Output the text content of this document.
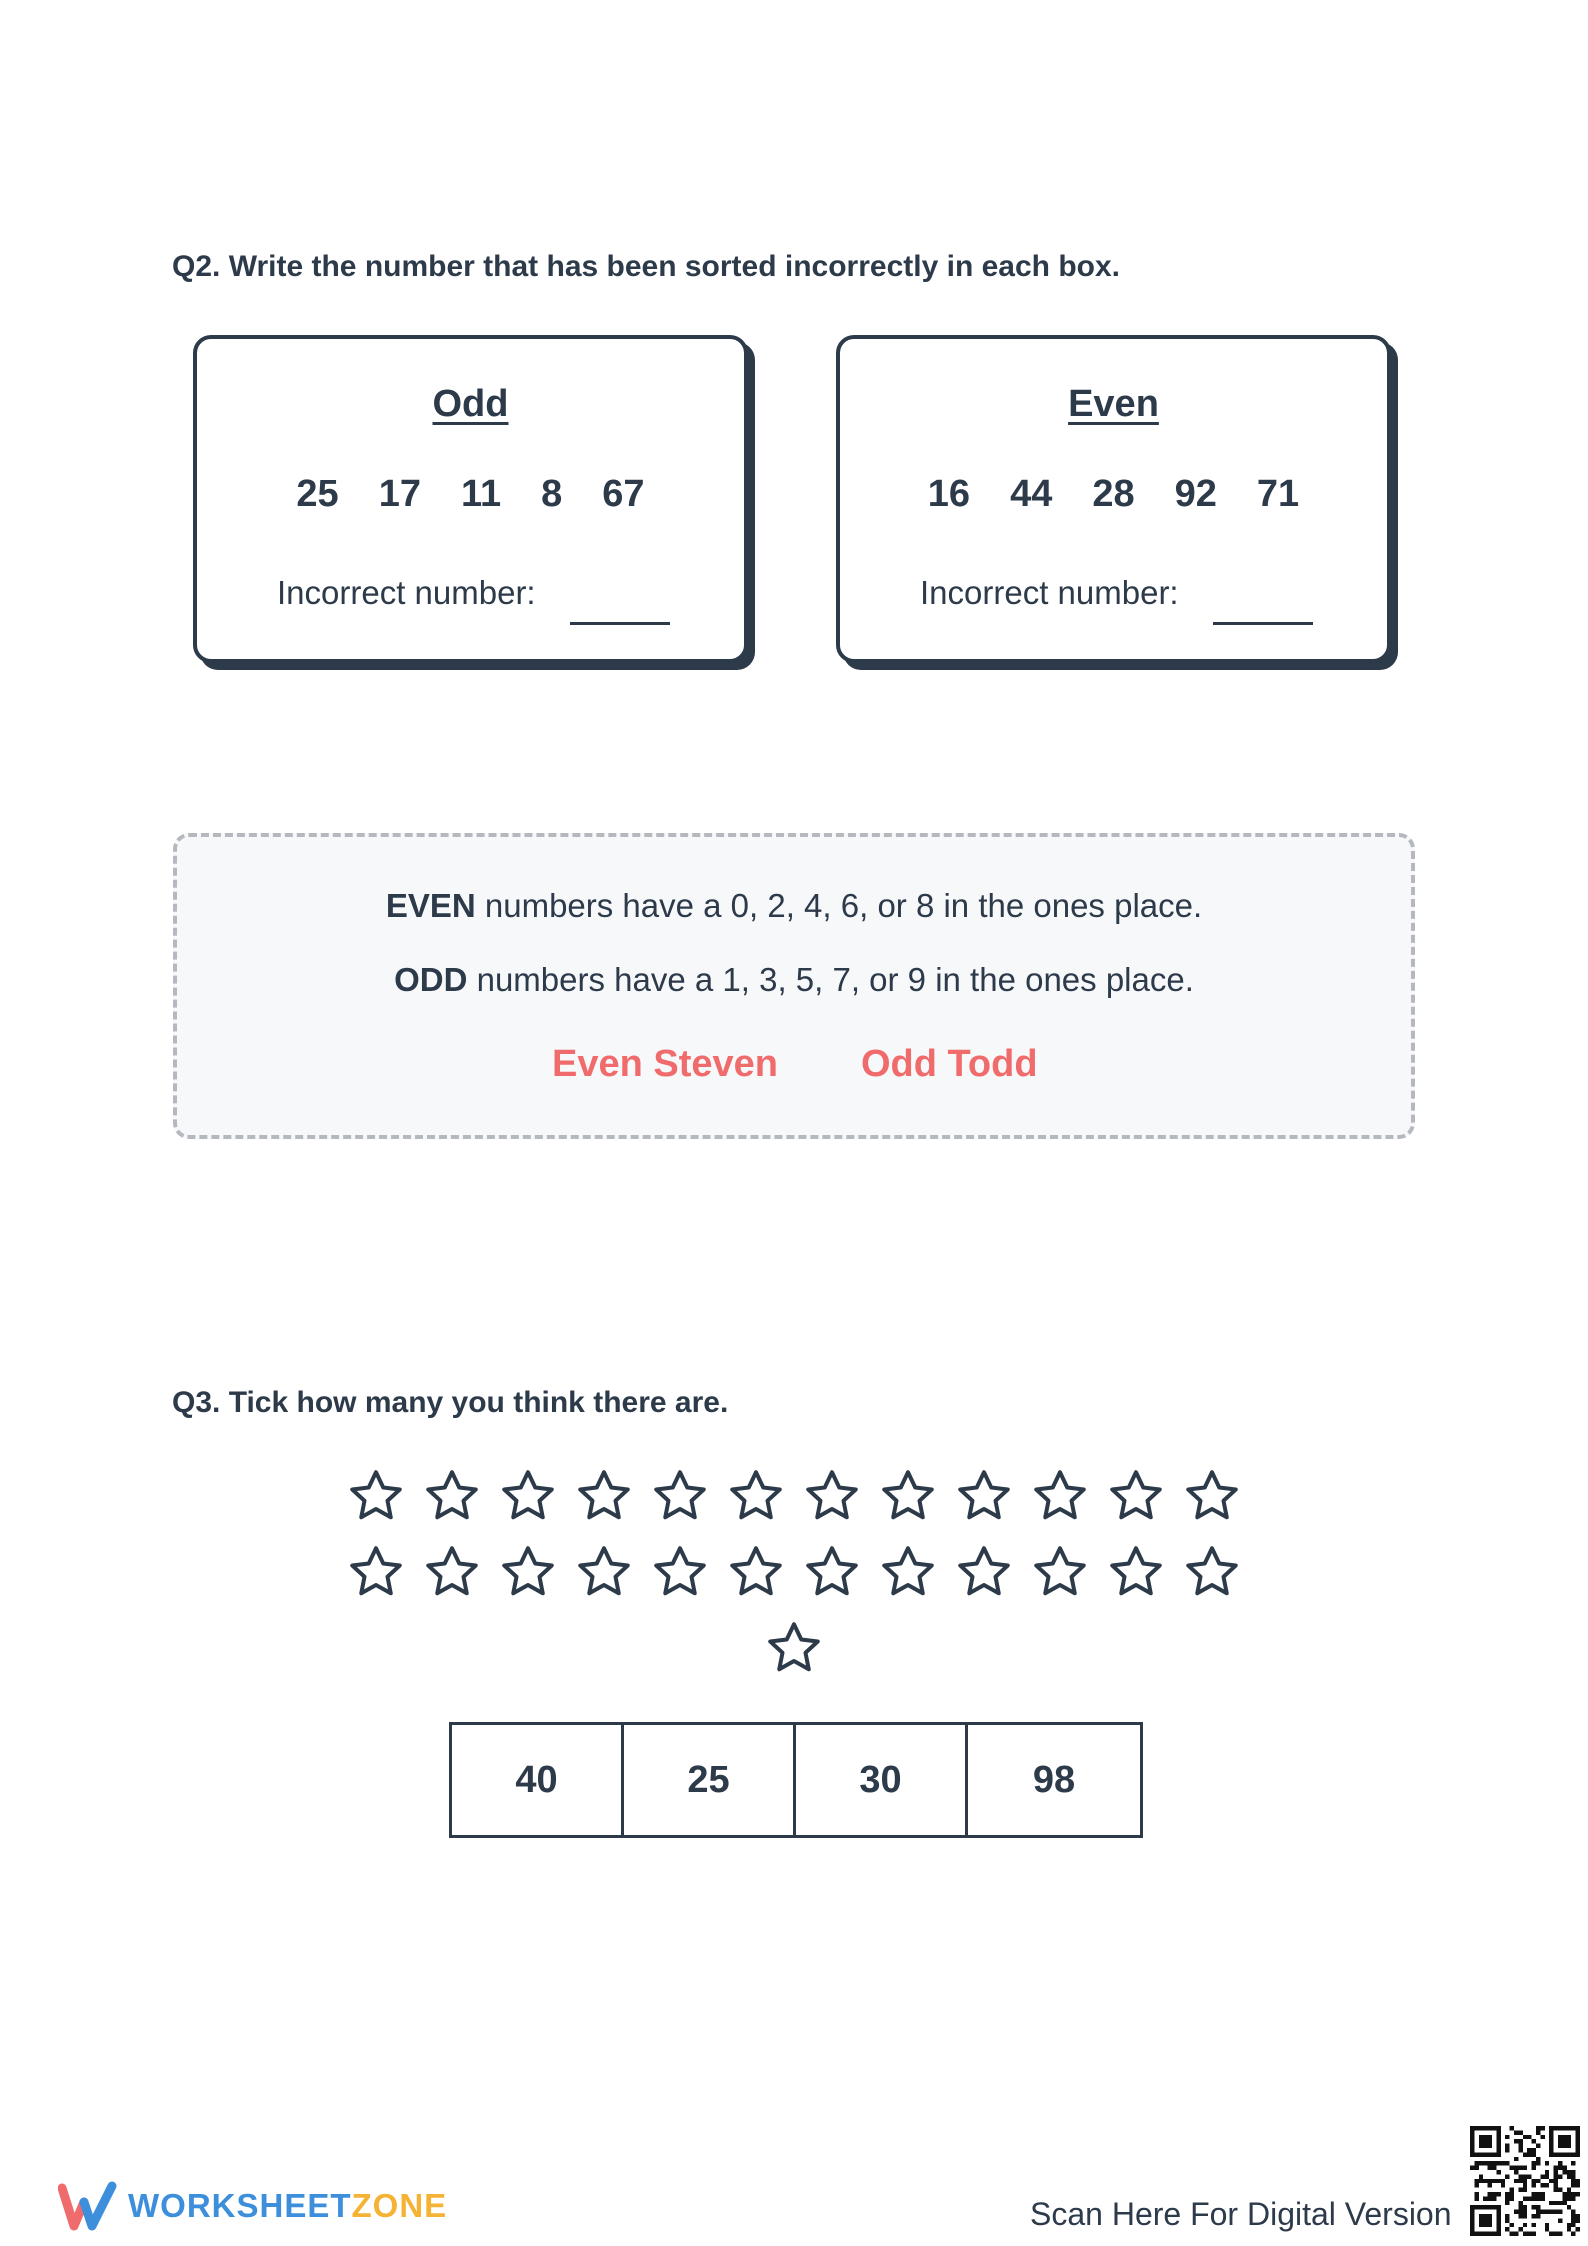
Q2. Write the number that has been sorted incorrectly in each box.
Odd
25 17 11 8 67
Incorrect number:
Even
16 44 28 92 71
Incorrect number:
EVEN numbers have a 0, 2, 4, 6, or 8 in the ones place.
ODD numbers have a 1, 3, 5, 7, or 9 in the ones place.
Even Steven Odd Todd
Q3. Tick how many you think there are.
40	25	30	98
WORKSHEETZONE	Scan Here For Digital Version
